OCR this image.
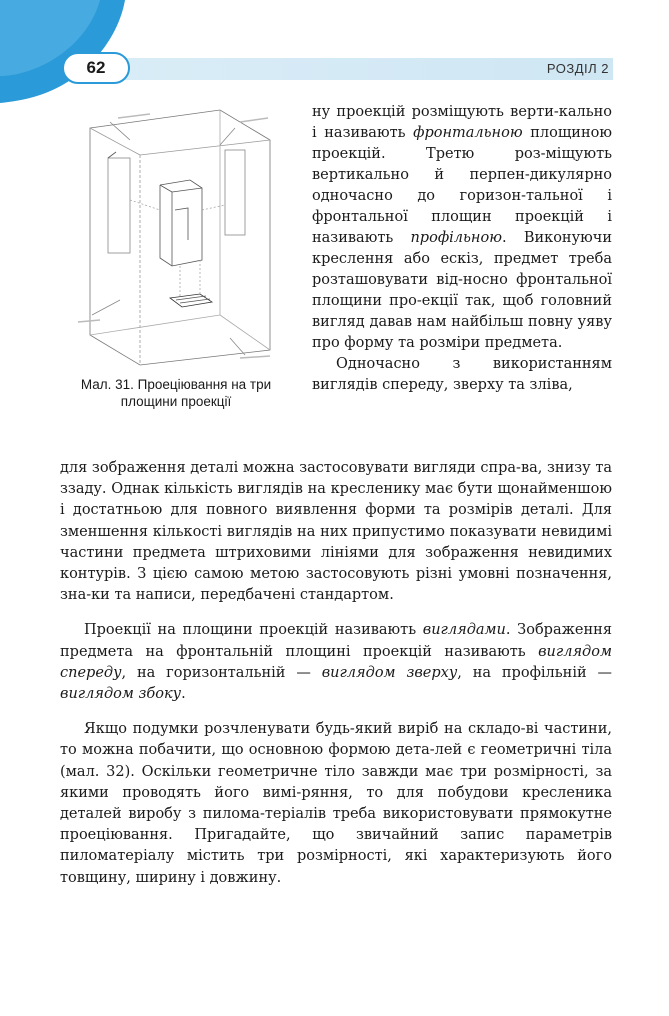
62	РОЗДІЛ 2
Мал. 31. Проеціювання на три
площини проекції

ну проекцій розміщують верти-кально і називають фронтальною площиною проекцій. Третю роз-міщують вертикально й перпен-дикулярно одночасно до горизон-тальної і фронтальної площин проекцій і називають профільною. Виконуючи креслення або ескіз, предмет треба розташовувати від-носно фронтальної площини про-екції так, щоб головний вигляд давав нам найбільш повну уяву про форму та розміри предмета.

Одночасно з використанням виглядів спереду, зверху та зліва,

для зображення деталі можна застосовувати вигляди спра-ва, знизу та ззаду. Однак кількість виглядів на кресленику має бути щонайменшою і достатньою для повного виявлення форми та розмірів деталі. Для зменшення кількості виглядів на них припустимо показувати невидимі частини предмета штриховими лініями для зображення невидимих контурів. З цією самою метою застосовують різні умовні позначення, зна-ки та написи, передбачені стандартом.

Проекції на площини проекцій називають виглядами. Зображення предмета на фронтальній площині проекцій називають виглядом спереду, на горизонтальній — виглядом зверху, на профільній — виглядом збоку.

Якщо подумки розчленувати будь-який виріб на складо-ві частини, то можна побачити, що основною формою дета-лей є геометричні тіла (мал. 32). Оскільки геометричне тіло завжди має три розмірності, за якими проводять його вимі-ряння, то для побудови кресленика деталей виробу з пилома-теріалів треба використовувати прямокутне проеціювання. Пригадайте, що звичайний запис параметрів пиломатеріалу містить три розмірності, які характеризують його товщину, ширину і довжину.
